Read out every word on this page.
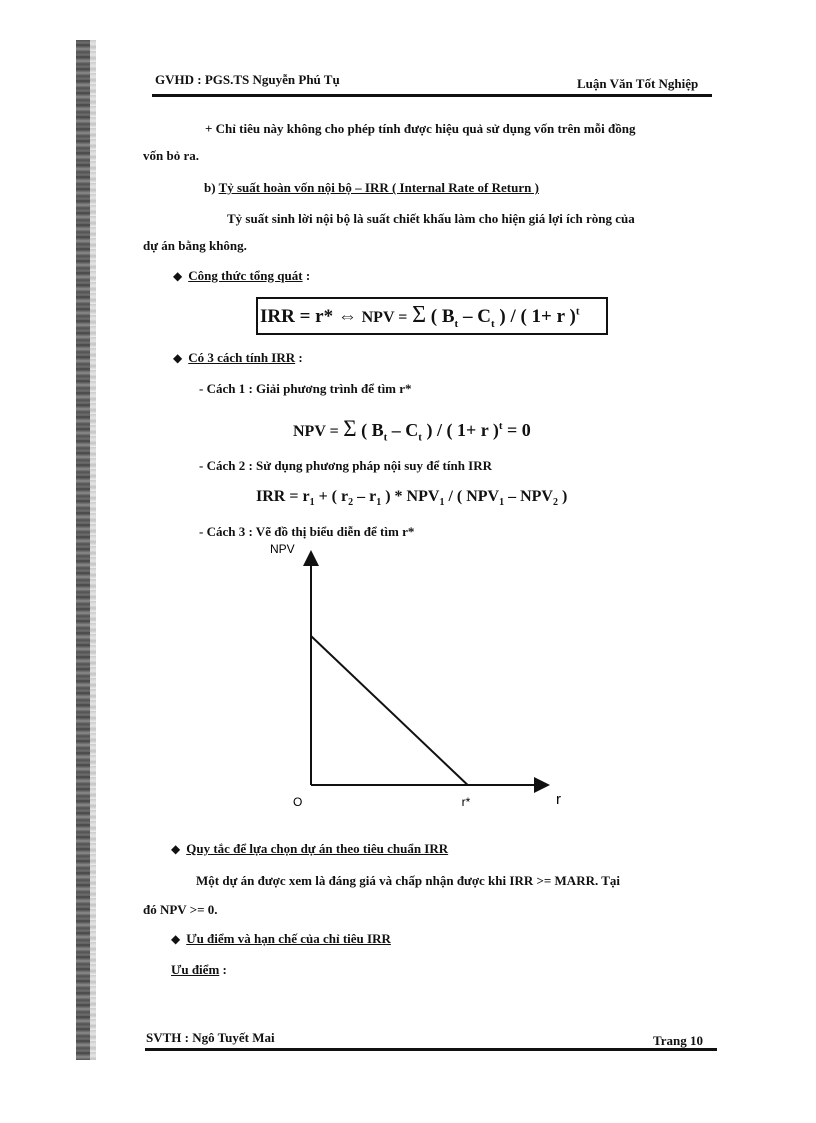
GVHD : PGS.TS Nguyễn Phú Tụ	Luận Văn Tốt Nghiệp
+ Chỉ tiêu này không cho phép tính được hiệu quả sử dụng vốn trên mỗi đồng
vốn bỏ ra.
b) Tỷ suất hoàn vốn nội bộ – IRR ( Internal Rate of Return )
Tỷ suất sinh lời nội bộ là suất chiết khấu làm cho hiện giá lợi ích ròng của
dự án bằng không.
◆ Công thức tổng quát :
IRR = r* ⇔ NPV = Σ ( $B_t - C_t$ ) / ( 1+ r )$^t$
◆ Có 3 cách tính IRR :
- Cách 1 : Giải phương trình để tìm r*
NPV = Σ ( $B_t - C_t$ ) / ( 1+ r )$^t$ = 0
- Cách 2 : Sử dụng phương pháp nội suy để tính IRR
IRR = $r_1$ + ( $r_2 - r_1$ ) * $NPV_1$ / ( $NPV_1 - NPV_2$ )
- Cách 3 : Vẽ đồ thị biểu diễn để tìm r*
NPV
r
O	r*
◆ Quy tắc để lựa chọn dự án theo tiêu chuẩn IRR
Một dự án được xem là đáng giá và chấp nhận được khi IRR >= MARR. Tại
đó NPV >= 0.
◆ Ưu điểm và hạn chế của chỉ tiêu IRR
Ưu điểm :
SVTH : Ngô Tuyết Mai	Trang 10
